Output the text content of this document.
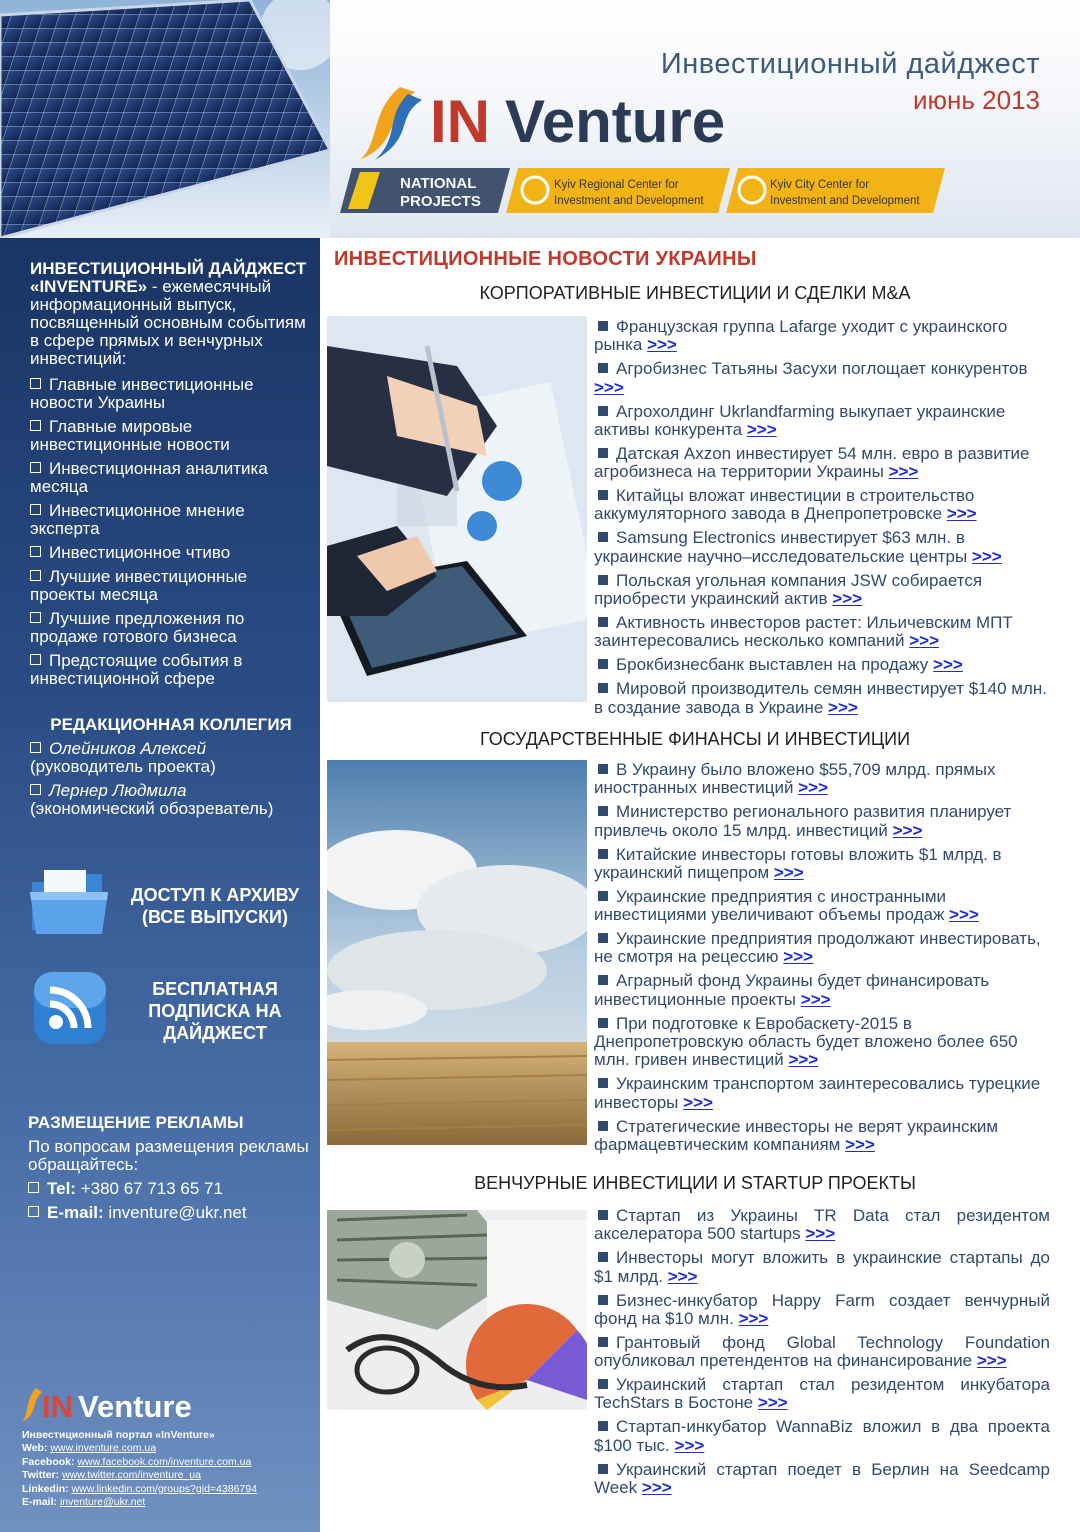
Инвестиционный дайджест
июнь 2013
IN Venture
NATIONAL
PROJECTS
Kyiv Regional Center for
Investment and Development
Kyiv City Center for
Investment and Development
ИНВЕСТИЦИОННЫЙ ДАЙДЖЕСТ «INVENTURE» - ежемесячный информационный выпуск, посвященный основным событиям в сфере прямых и венчурных инвестиций:
Главные инвестиционные новости Украины
Главные мировые инвестиционные новости
Инвестиционная аналитика месяца
Инвестиционное мнение эксперта
Инвестиционное чтиво
Лучшие инвестиционные проекты месяца
Лучшие предложения по продаже готового бизнеса
Предстоящие события в инвестиционной сфере
РЕДАКЦИОННАЯ КОЛЛЕГИЯ
Олейников Алексей
(руководитель проекта)
Лернер Людмила
(экономический обозреватель)
ДОСТУП К АРХИВУ (ВСЕ ВЫПУСКИ)
БЕСПЛАТНАЯ ПОДПИСКА НА ДАЙДЖЕСТ
РАЗМЕЩЕНИЕ РЕКЛАМЫ
По вопросам размещения рекламы обращайтесь:
Tel: +380 67 713 65 71
E-mail: inventure@ukr.net
IN Venture
Инвестиционный портал «InVenture»
Web: www.inventure.com.ua
Facebook: www.facebook.com/inventure.com.ua
Twitter: www.twitter.com/inventure_ua
Linkedin: www.linkedin.com/groups?gid=4386794
E-mail: inventure@ukr.net
ИНВЕСТИЦИОННЫЕ НОВОСТИ УКРАИНЫ
КОРПОРАТИВНЫЕ ИНВЕСТИЦИИ И СДЕЛКИ M&A
Французская группа Lafarge уходит с украинского рынка >>>
Агробизнес Татьяны Засухи поглощает конкурентов >>>
Агрохолдинг Ukrlandfarming выкупает украинские активы конкурента >>>
Датская Axzon инвестирует 54 млн. евро в развитие агробизнеса на территории Украины >>>
Китайцы вложат инвестиции в строительство аккумуляторного завода в Днепропетровске >>>
Samsung Electronics инвестирует $63 млн. в украинские научно–исследовательские центры >>>
Польская угольная компания JSW собирается приобрести украинский актив >>>
Активность инвесторов растет: Ильичевским МПТ заинтересовались несколько компаний >>>
Брокбизнесбанк выставлен на продажу >>>
Мировой производитель семян инвестирует $140 млн. в создание завода в Украине >>>
ГОСУДАРСТВЕННЫЕ ФИНАНСЫ И ИНВЕСТИЦИИ
В Украину было вложено $55,709 млрд. прямых иностранных инвестиций >>>
Министерство регионального развития планирует привлечь около 15 млрд. инвестиций >>>
Китайские инвесторы готовы вложить $1 млрд. в украинский пищепром >>>
Украинские предприятия с иностранными инвестициями увеличивают объемы продаж >>>
Украинские предприятия продолжают инвестировать, не смотря на рецессию >>>
Аграрный фонд Украины будет финансировать инвестиционные проекты >>>
При подготовке к Евробаскету-2015 в Днепропетровскую область будет вложено более 650 млн. гривен инвестиций >>>
Украинским транспортом заинтересовались турецкие инвесторы >>>
Стратегические инвесторы не верят украинским фармацевтическим компаниям >>>
ВЕНЧУРНЫЕ ИНВЕСТИЦИИ И STARTUP ПРОЕКТЫ
Стартап из Украины TR Data стал резидентом акселератора 500 startups >>>
Инвесторы могут вложить в украинские стартапы до $1 млрд. >>>
Бизнес-инкубатор Happy Farm создает венчурный фонд на $10 млн. >>>
Грантовый фонд Global Technology Foundation опубликовал претендентов на финансирование >>>
Украинский стартап стал резидентом инкубатора TechStars в Бостоне >>>
Стартап-инкубатор WannaBiz вложил в два проекта $100 тыс. >>>
Украинский стартап поедет в Берлин на Seedcamp Week >>>
